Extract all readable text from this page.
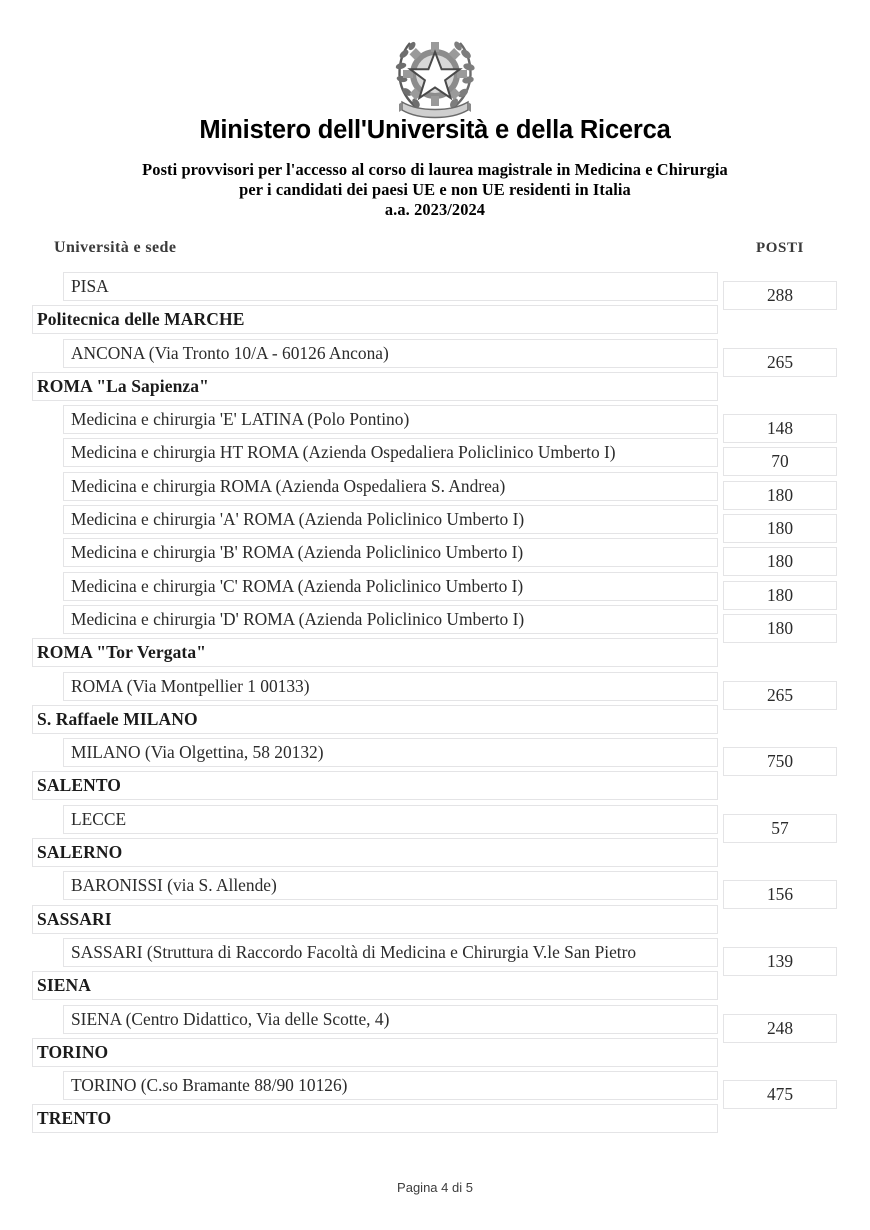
Ministero dell'Università e della Ricerca
Posti provvisori per l'accesso al corso di laurea magistrale in Medicina e Chirurgia
per i candidati dei paesi UE e non UE residenti in Italia
a.a. 2023/2024
Università e sede	POSTI
PISA	288
Politecnica delle MARCHE
ANCONA (Via Tronto 10/A - 60126 Ancona)	265
ROMA "La Sapienza"
Medicina e chirurgia 'E' LATINA (Polo Pontino)	148
Medicina e chirurgia HT ROMA (Azienda Ospedaliera Policlinico Umberto I)	70
Medicina e chirurgia ROMA (Azienda Ospedaliera S. Andrea)	180
Medicina e chirurgia 'A' ROMA (Azienda Policlinico Umberto I)	180
Medicina e chirurgia 'B' ROMA (Azienda Policlinico Umberto I)	180
Medicina e chirurgia 'C' ROMA (Azienda Policlinico Umberto I)	180
Medicina e chirurgia 'D' ROMA (Azienda Policlinico Umberto I)	180
ROMA "Tor Vergata"
ROMA (Via Montpellier 1 00133)	265
S. Raffaele MILANO
MILANO (Via Olgettina, 58 20132)	750
SALENTO
LECCE	57
SALERNO
BARONISSI (via S. Allende)	156
SASSARI
SASSARI (Struttura di Raccordo Facoltà di Medicina e Chirurgia V.le San Pietro	139
SIENA
SIENA (Centro Didattico, Via delle Scotte, 4)	248
TORINO
TORINO (C.so Bramante 88/90 10126)	475
TRENTO
Pagina 4 di 5
